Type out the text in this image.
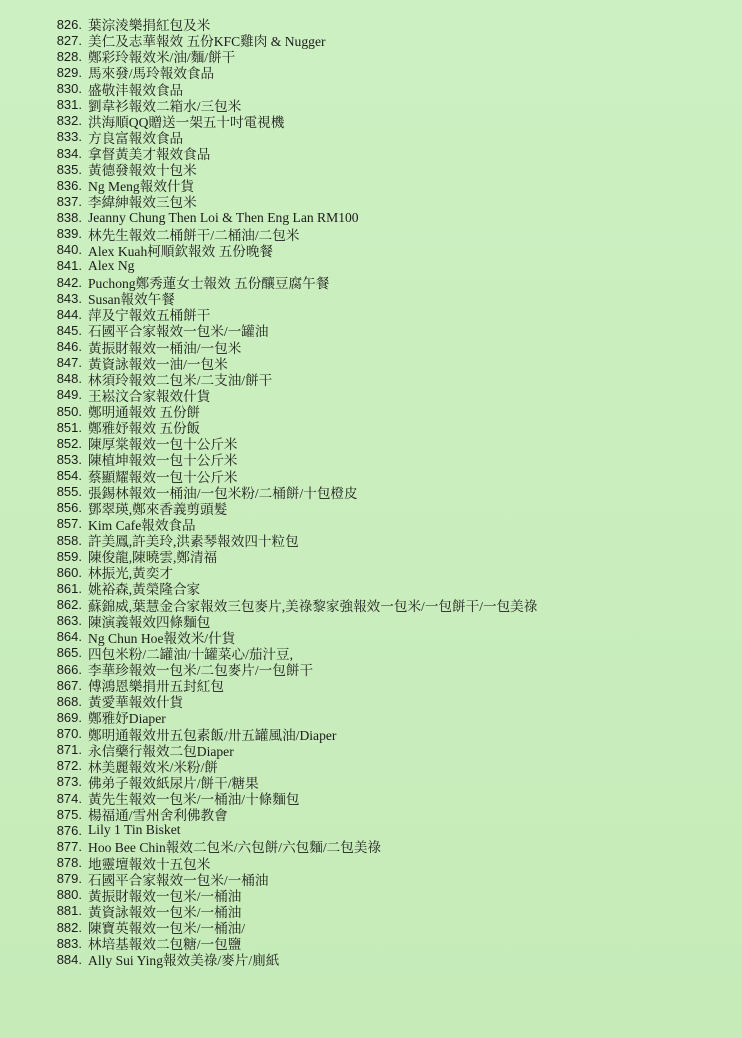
826. 葉淙淩樂捐紅包及米
827. 美仁及志華報效 五份KFC雞肉 & Nugger
828. 鄭彩玲報效米/油/麵/餅干
829. 馬來發/馬玲報效食品
830. 盛敬沣報效食品
831. 劉韋衫報效二箱水/三包米
832. 洪海順QQ贈送一架五十吋電視機
833. 方良富報效食品
834. 拿督黃美才報效食品
835. 黃德發報效十包米
836. Ng Meng報效什貨
837. 李緯紳報效三包米
838. Jeanny Chung Then Loi & Then Eng Lan RM100
839. 林先生報效二桶餅干/二桶油/二包米
840. Alex Kuah柯順欽報效 五份晚餐
841. Alex Ng
842. Puchong鄭秀蓮女士報效 五份釀豆腐午餐
843. Susan報效午餐
844. 萍及宁報效五桶餅干
845. 石國平合家報效一包米/一罐油
846. 黃振財報效一桶油/一包米
847. 黃資詠報效一油/一包米
848. 林須玲報效二包米/二支油/餅干
849. 王崧汶合家報效什貨
850. 鄭明通報效 五份餅
851. 鄭雅妤報效 五份飯
852. 陳厚棠報效一包十公斤米
853. 陳植坤報效一包十公斤米
854. 蔡顯耀報效一包十公斤米
855. 張錫林報效一桶油/一包米粉/二桶餅/十包橙皮
856. 鄧翠瑛,鄭來香義剪頭髮
857. Kim Cafe報效食品
858. 許美鳳,許美玲,洪素琴報效四十粒包
859. 陳俊龍,陳曉雲,鄭清福
860. 林振光,黃奕才
861. 姚裕森,黃榮隆合家
862. 蘇錦威,葉慧金合家報效三包麥片,美祿黎家強報效一包米/一包餅干/一包美祿
863. 陳演義報效四條麵包
864. Ng Chun Hoe報效米/什貨
865. 四包米粉/二罐油/十罐菜心/茄汁豆,
866. 李華珍報效一包米/二包麥片/一包餅干
867. 傅鴻恩樂捐卅五封紅包
868. 黃愛華報效什貨
869. 鄭雅妤Diaper
870. 鄭明通報效卅五包素飯/卅五罐風油/Diaper
871. 永信藥行報效二包Diaper
872. 林美麗報效米/米粉/餅
873. 佛弟子報效紙尿片/餅干/糖果
874. 黃先生報效一包米/一桶油/十條麵包
875. 楊福通/雪州舍利佛教會
876. Lily 1 Tin Bisket
877. Hoo Bee Chin報效二包米/六包餅/六包麵/二包美祿
878. 地靈壇報效十五包米
879. 石國平合家報效一包米/一桶油
880. 黃振財報效一包米/一桶油
881. 黃資詠報效一包米/一桶油
882. 陳寶英報效一包米/一桶油/
883. 林培基報效二包糖/一包鹽
884. Ally Sui Ying報效美祿/麥片/廁紙
